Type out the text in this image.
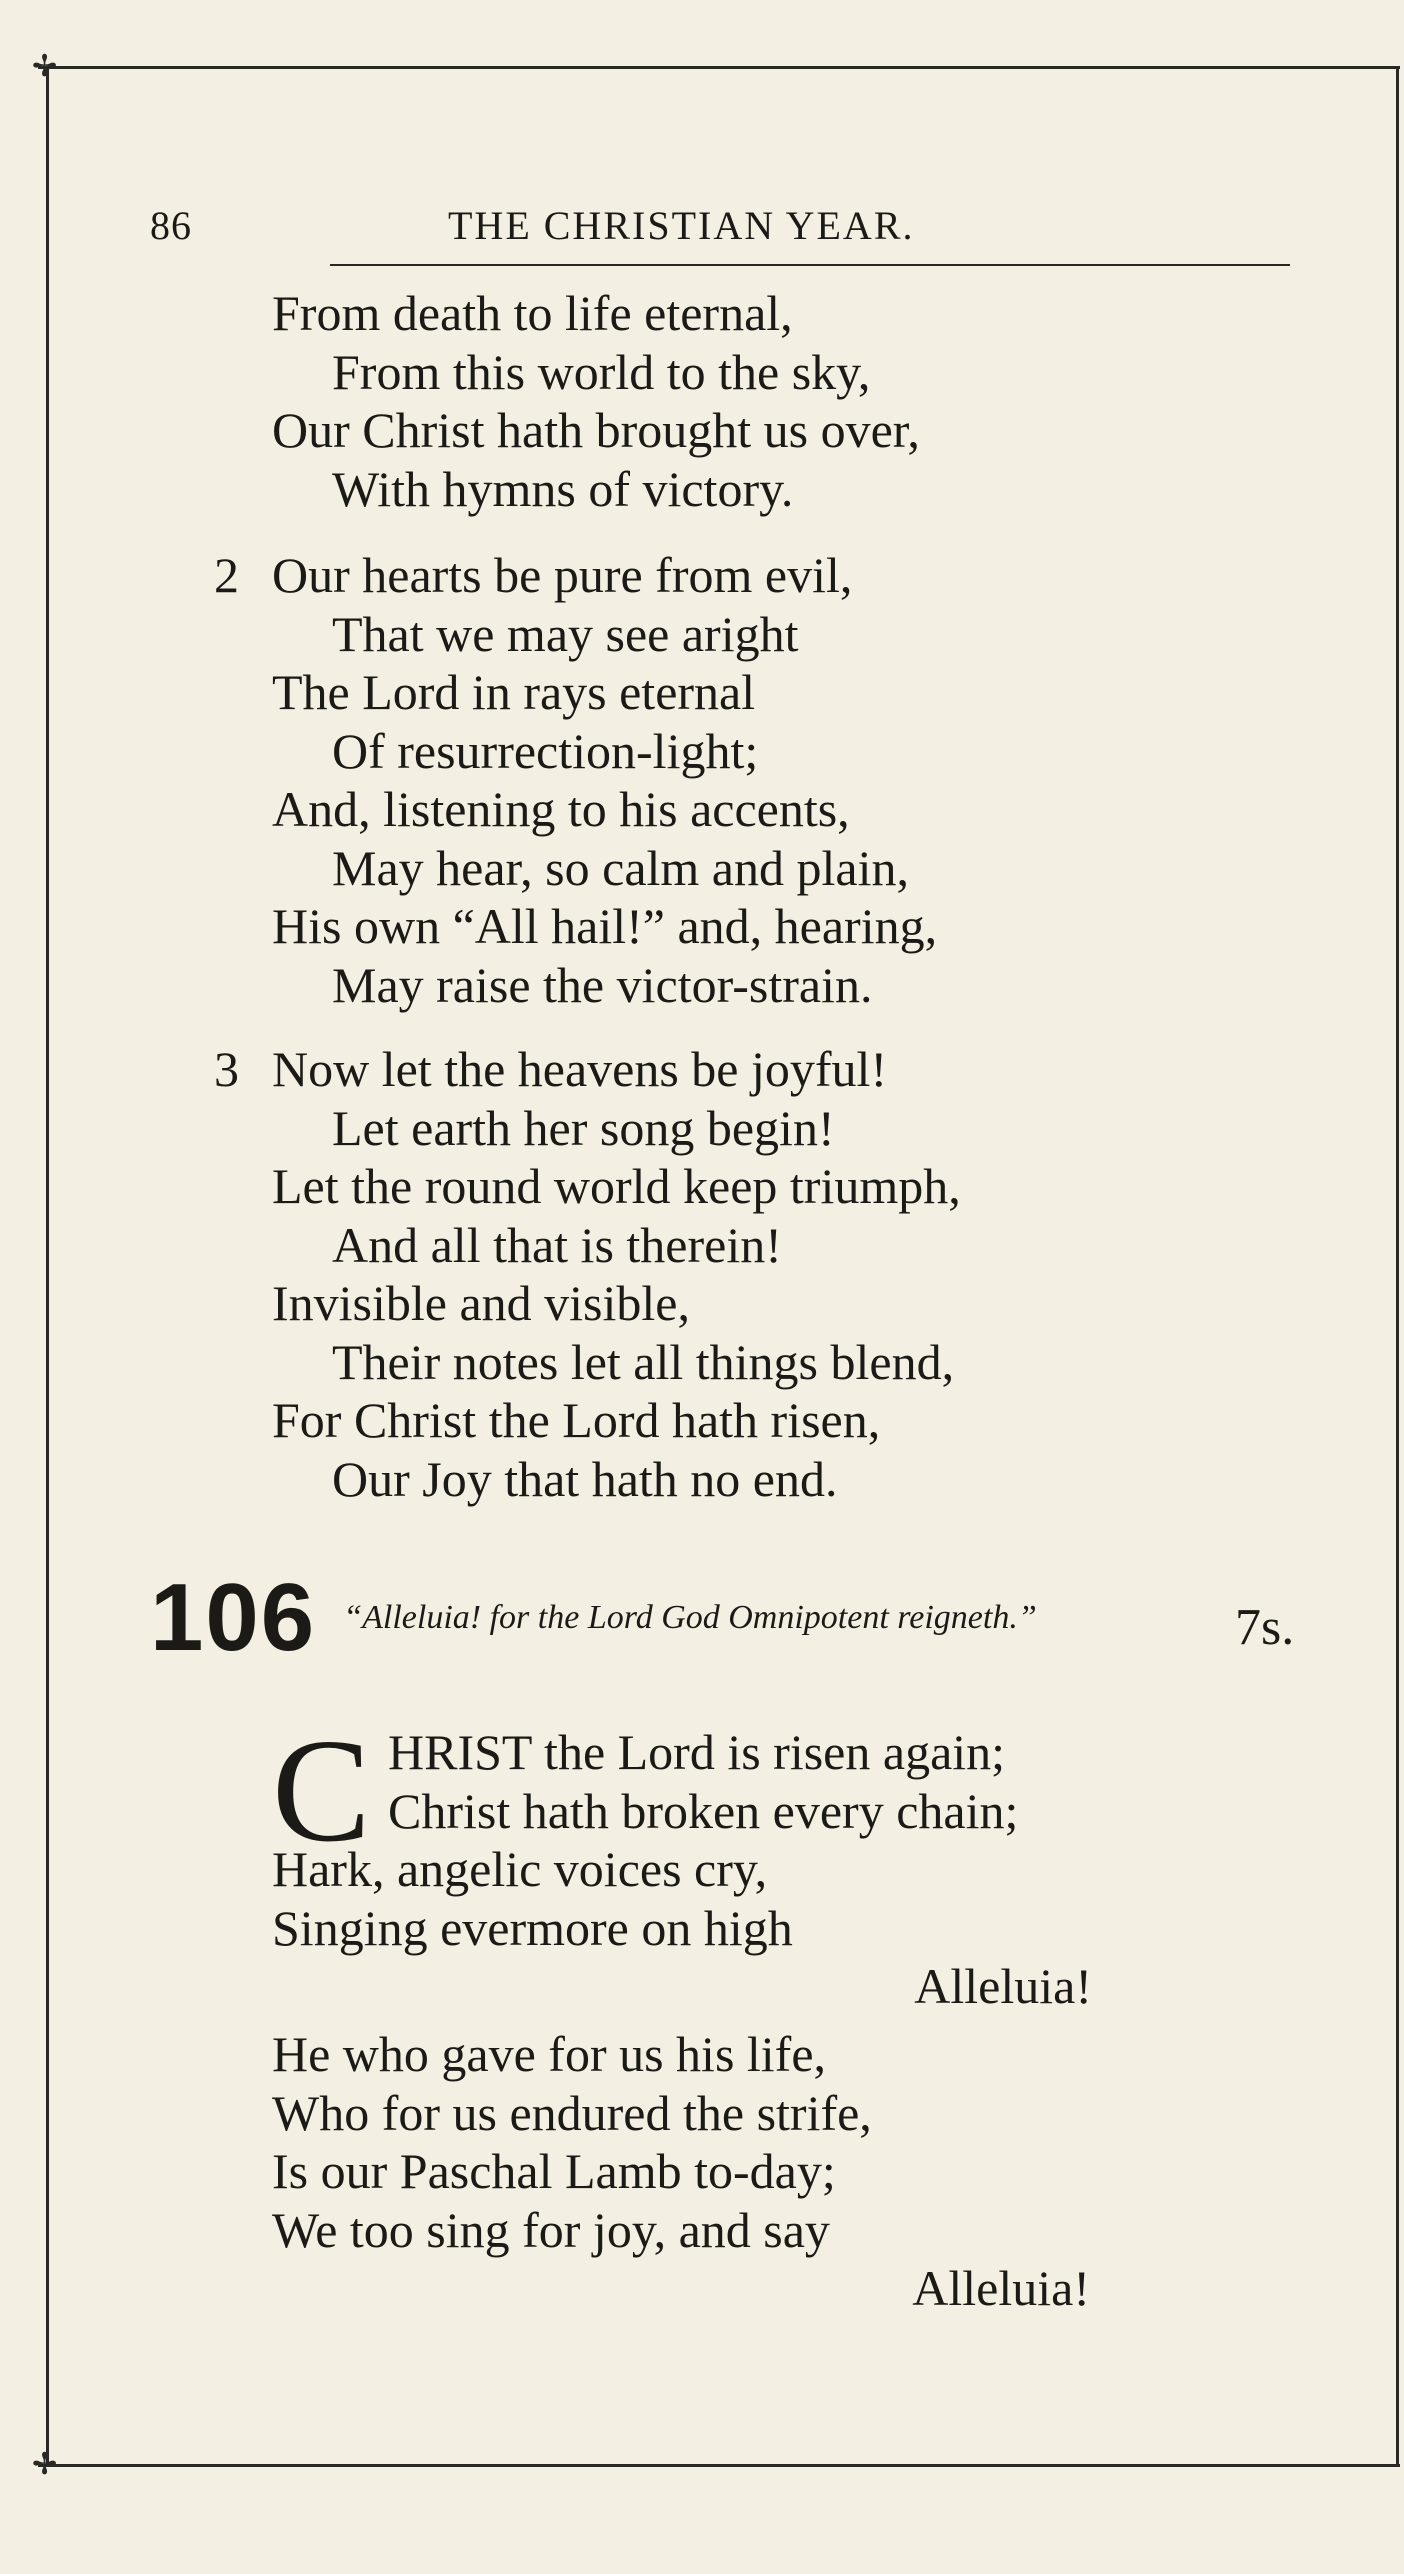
✢
✢
86	THE CHRISTIAN YEAR.
From death to life eternal,
From this world to the sky,
Our Christ hath brought us over,
With hymns of victory.
2 Our hearts be pure from evil,
That we may see aright
The Lord in rays eternal
Of resurrection-light;
And, listening to his accents,
May hear, so calm and plain,
His own “All hail!” and, hearing,
May raise the victor-strain.
3 Now let the heavens be joyful!
Let earth her song begin!
Let the round world keep triumph,
And all that is therein!
Invisible and visible,
Their notes let all things blend,
For Christ the Lord hath risen,
Our Joy that hath no end.
106 “Alleluia! for the Lord God Omnipotent reigneth.”	7s.
C HRIST the Lord is risen again;
Christ hath broken every chain;
Hark, angelic voices cry,
Singing evermore on high
Alleluia!
He who gave for us his life,
Who for us endured the strife,
Is our Paschal Lamb to-day;
We too sing for joy, and say
Alleluia!
